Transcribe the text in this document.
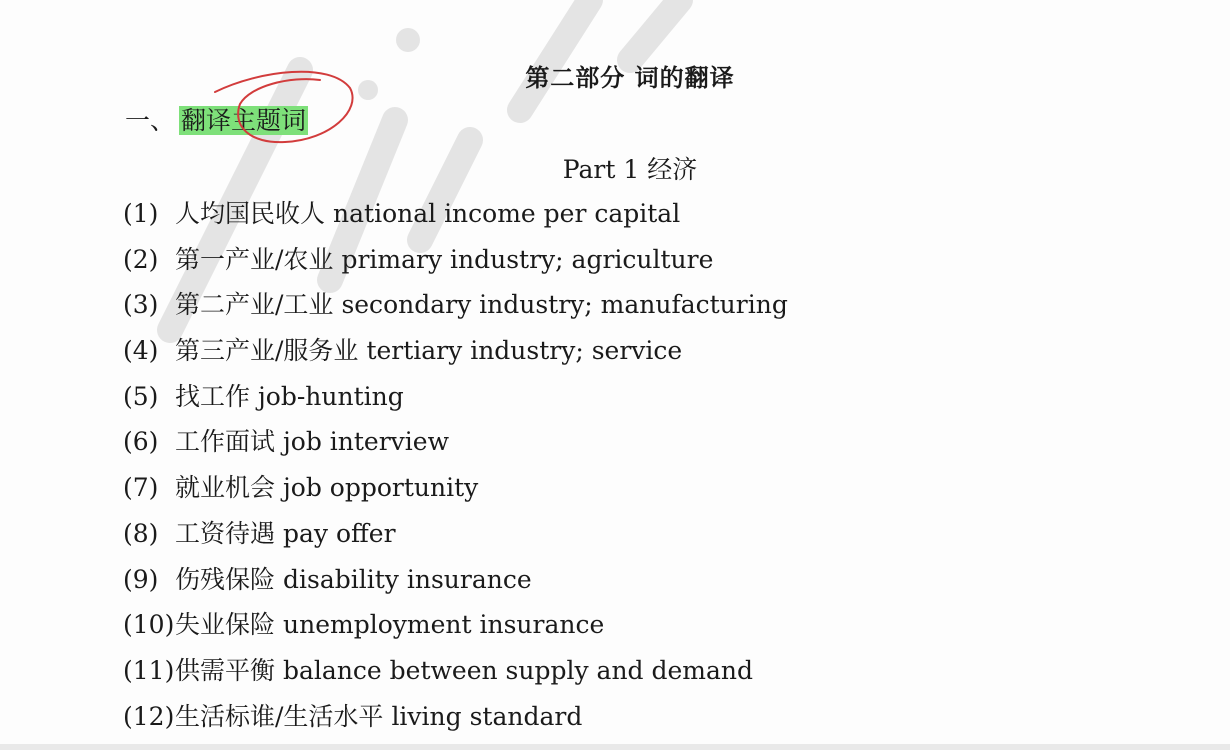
第二部分 词的翻译
一、 翻译主题词
Part 1 经济
(1) 人均国民收人 national income per capital
(2) 第一产业/农业 primary industry; agriculture
(3) 第二产业/工业 secondary industry; manufacturing
(4) 第三产业/服务业 tertiary industry; service
(5) 找工作 job-hunting
(6) 工作面试 job interview
(7) 就业机会 job opportunity
(8) 工资待遇 pay offer
(9) 伤残保险 disability insurance
(10)失业保险 unemployment insurance
(11)供需平衡 balance between supply and demand
(12)生活标谁/生活水平 living standard
